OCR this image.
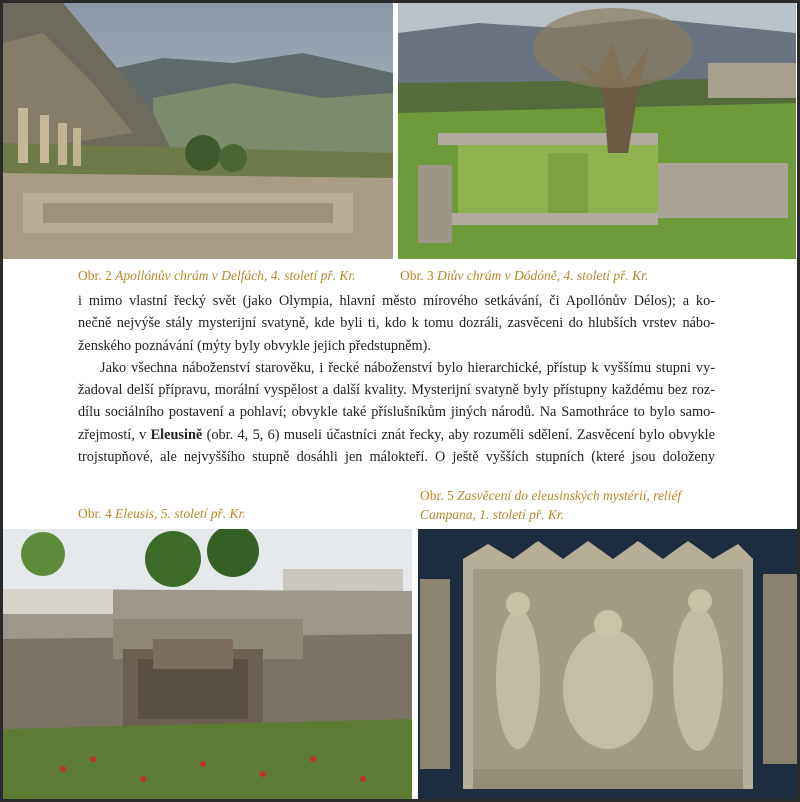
Obr. 2 Apollónův chrám v Delfách, 4. století př. Kr.	Obr. 3 Diův chrám v Dódóně, 4. století př. Kr.
i mimo vlastní řecký svět (jako Olympia, hlavní město mírového setkávání, či Apollónův Délos); a ko-
nečně nejvýše stály mysterijní svatyně, kde byli ti, kdo k tomu dozráli, zasvěceni do hlubších vrstev nábo-
ženského poznávání (mýty byly obvykle jejich předstupněm).
Jako všechna náboženství starověku, i řecké náboženství bylo hierarchické, přístup k vyššímu stupni vy-
žadoval delší přípravu, morální vyspělost a další kvality. Mysterijní svatyně byly přístupny každému bez roz-
dílu sociálního postavení a pohlaví; obvykle také příslušníkům jiných národů. Na Samothráce to bylo samo-
zřejmostí, v Eleusině (obr. 4, 5, 6) museli účastníci znát řecky, aby rozuměli sdělení. Zasvěcení bylo obvykle
trojstupňové, ale nejvyššího stupně dosáhli jen málokteří. O ještě vyšších stupních (které jsou doloženy
Obr. 4 Eleusis, 5. století př. Kr.
Obr. 5 Zasvěcení do eleusinských mystérií, reliéf
Campana, 1. století př. Kr.
